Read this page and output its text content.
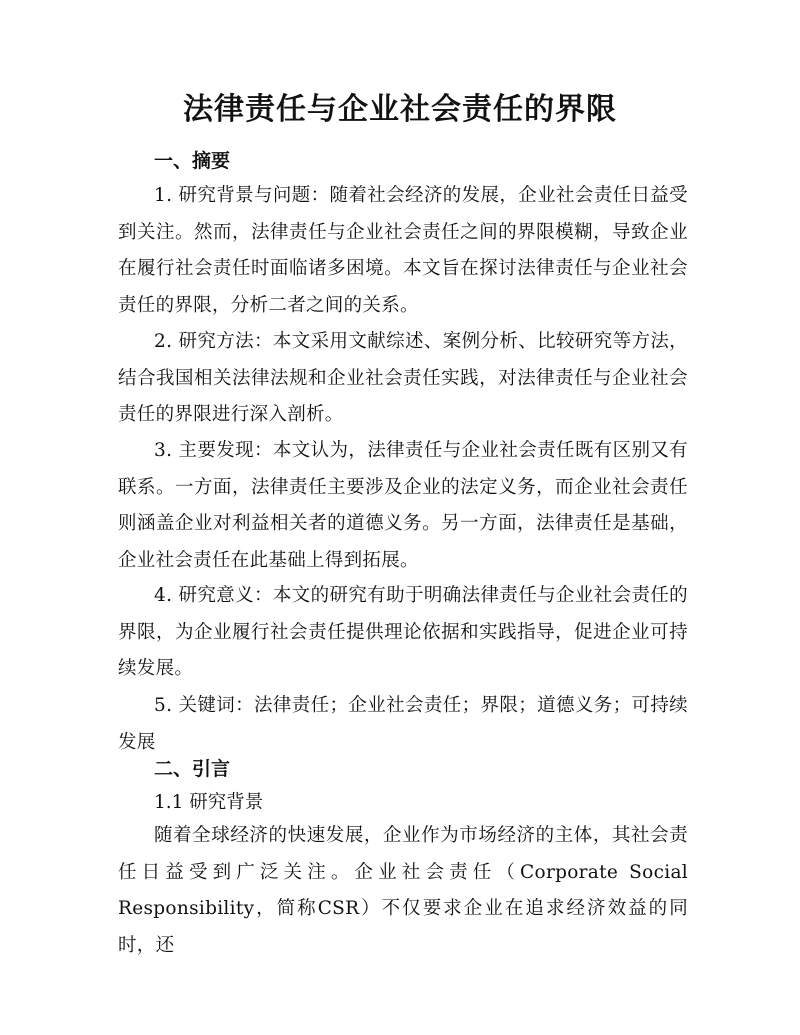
法律责任与企业社会责任的界限
一、摘要
1. 研究背景与问题：随着社会经济的发展，企业社会责任日益受到关注。然而，法律责任与企业社会责任之间的界限模糊，导致企业在履行社会责任时面临诸多困境。本文旨在探讨法律责任与企业社会责任的界限，分析二者之间的关系。
2. 研究方法：本文采用文献综述、案例分析、比较研究等方法，结合我国相关法律法规和企业社会责任实践，对法律责任与企业社会责任的界限进行深入剖析。
3. 主要发现：本文认为，法律责任与企业社会责任既有区别又有联系。一方面，法律责任主要涉及企业的法定义务，而企业社会责任则涵盖企业对利益相关者的道德义务。另一方面，法律责任是基础，企业社会责任在此基础上得到拓展。
4. 研究意义：本文的研究有助于明确法律责任与企业社会责任的界限，为企业履行社会责任提供理论依据和实践指导，促进企业可持续发展。
5. 关键词：法律责任；企业社会责任；界限；道德义务；可持续发展
二、引言
1.1 研究背景
随着全球经济的快速发展，企业作为市场经济的主体，其社会责任日益受到广泛关注。企业社会责任（Corporate Social Responsibility，简称CSR）不仅要求企业在追求经济效益的同时，还
